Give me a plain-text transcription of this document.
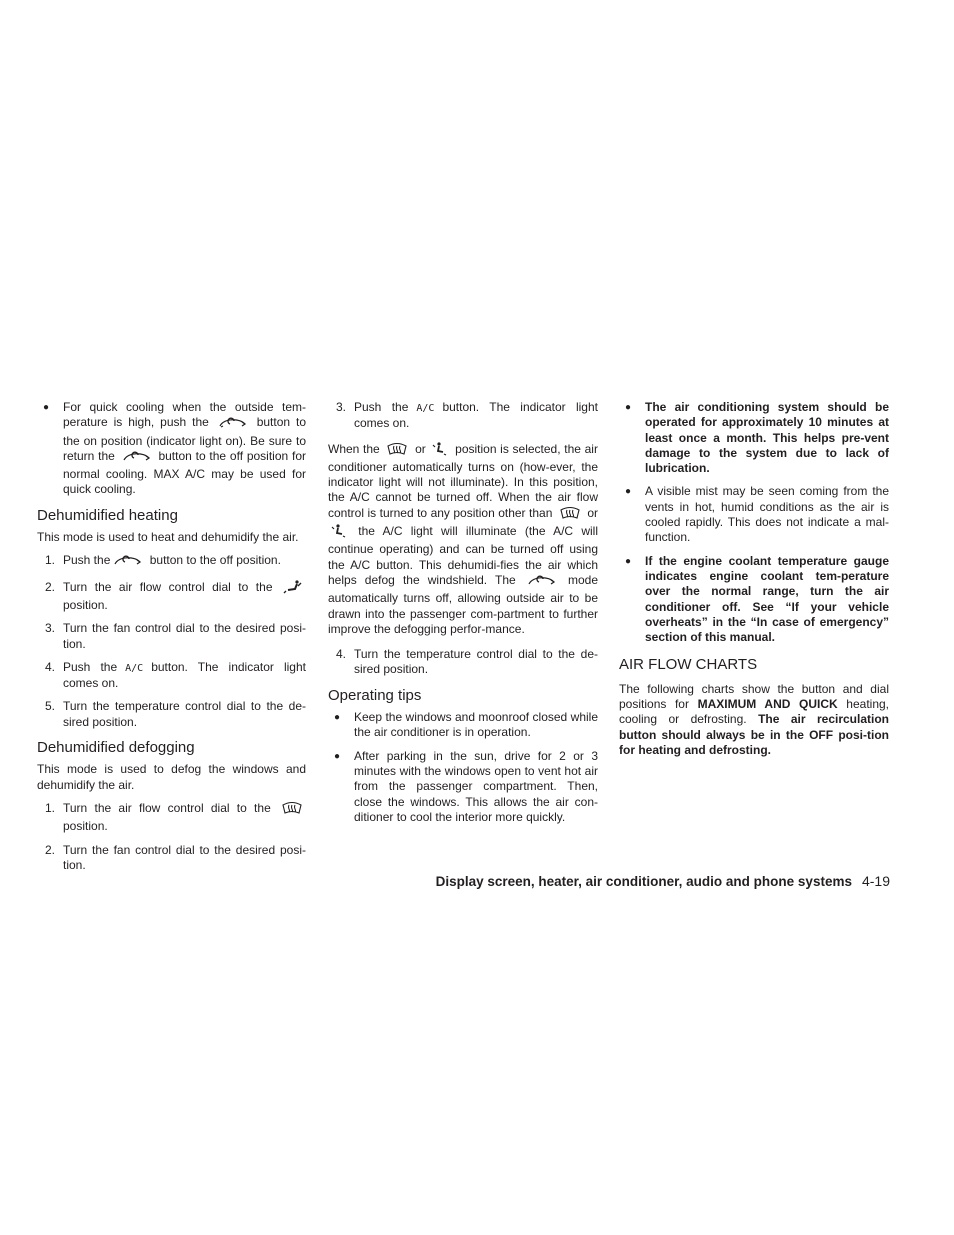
● For quick cooling when the outside tem-perature is high, push the	button to the on position (indicator light on). Be sure to return the	button to the off position for normal cooling. MAX A/C may be used for quick cooling.
Dehumidified heating

This mode is used to heat and dehumidify the air.

1. Push the	button to the off position.
2. Turn the air flow control dial to the  position.
3. Turn the fan control dial to the desired posi-tion.
4. Push the A/C button. The indicator light comes on.
5. Turn the temperature control dial to the de-sired position.
Dehumidified defogging

This mode is used to defog the windows and dehumidify the air.

1. Turn the air flow control dial to the  position.
2. Turn the fan control dial to the desired posi-tion.
3. Push the A/C button. The indicator light comes on.

When the	or position is selected, the air conditioner automatically turns on (how-ever, the indicator light will not illuminate). In this position, the A/C cannot be turned off. When the air flow control is turned to any position other than	or  the A/C light will illuminate (the A/C will continue operating) and can be turned off using the A/C button. This dehumidi-fies the air which helps defog the windshield. The	mode automatically turns off, allowing outside air to be drawn into the passenger com-partment to further improve the defogging perfor-mance.

4. Turn the temperature control dial to the de-sired position.
Operating tips
● Keep the windows and moonroof closed while the air conditioner is in operation.
● After parking in the sun, drive for 2 or 3 minutes with the windows open to vent hot air from the passenger compartment. Then, close the windows. This allows the air con-ditioner to cool the interior more quickly.
● The air conditioning system should be operated for approximately 10 minutes at least once a month. This helps pre-vent damage to the system due to lack of lubrication.
● A visible mist may be seen coming from the vents in hot, humid conditions as the air is cooled rapidly. This does not indicate a mal-function.
● If the engine coolant temperature gauge indicates engine coolant tem-perature over the normal range, turn the air conditioner off. See “If your vehicle overheats” in the “In case of emergency” section of this manual.
AIR FLOW CHARTS

The following charts show the button and dial positions for MAXIMUM AND QUICK heating, cooling or defrosting. The air recirculation button should always be in the OFF posi-tion for heating and defrosting.

Display screen, heater, air conditioner, audio and phone systems 4-19
